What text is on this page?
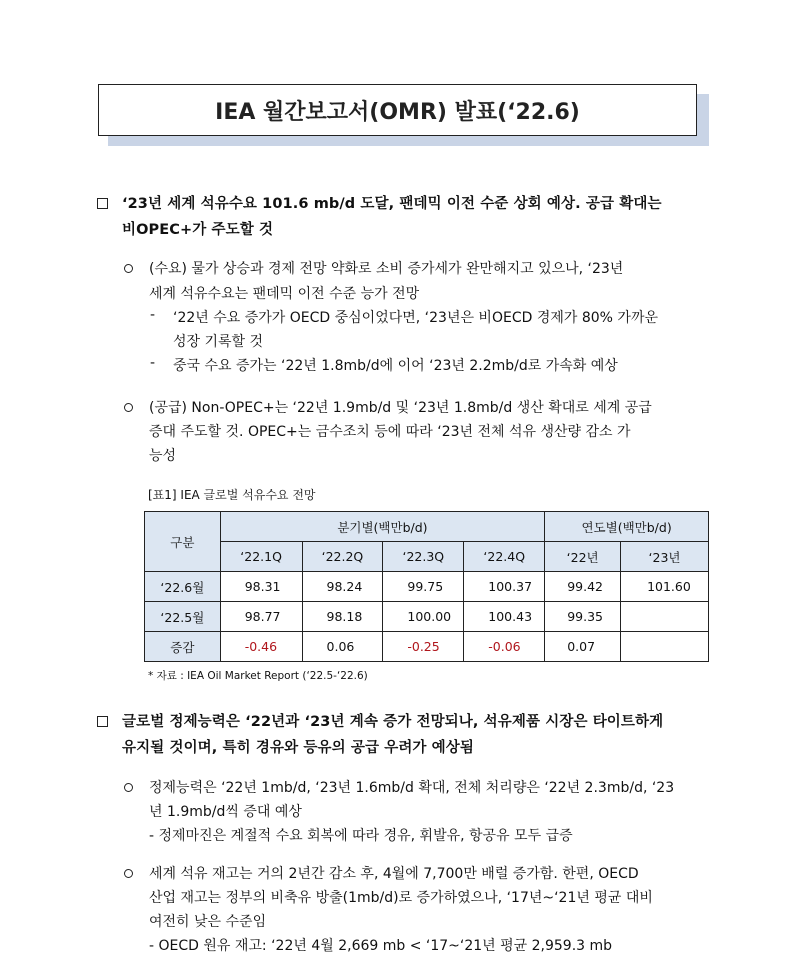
IEA 월간보고서(OMR) 발표(‘22.6)
‘23년 세계 석유수요 101.6 mb/d 도달, 팬데믹 이전 수준 상회 예상. 공급 확대는
비OPEC+가 주도할 것
(수요) 물가 상승과 경제 전망 약화로 소비 증가세가 완만해지고 있으나, ‘23년
세계 석유수요는 팬데믹 이전 수준 능가 전망
- ‘22년 수요 증가가 OECD 중심이었다면, ‘23년은 비OECD 경제가 80% 가까운
성장 기록할 것
- 중국 수요 증가는 ‘22년 1.8mb/d에 이어 ‘23년 2.2mb/d로 가속화 예상
(공급) Non-OPEC+는 ‘22년 1.9mb/d 및 ‘23년 1.8mb/d 생산 확대로 세계 공급
증대 주도할 것. OPEC+는 금수조치 등에 따라 ‘23년 전체 석유 생산량 감소 가
능성
[표1] IEA 글로벌 석유수요 전망
구분	분기별(백만b/d)				연도별(백만b/d)	
	‘22.1Q	‘22.2Q	‘22.3Q	‘22.4Q	‘22년	‘23년
‘22.6월	98.31	98.24	99.75	100.37	99.42	101.60
‘22.5월	98.77	98.18	100.00	100.43	99.35	
증감	-0.46	0.06	-0.25	-0.06	0.07	
* 자료 : IEA Oil Market Report (‘22.5-‘22.6)
글로벌 정제능력은 ‘22년과 ‘23년 계속 증가 전망되나, 석유제품 시장은 타이트하게
유지될 것이며, 특히 경유와 등유의 공급 우려가 예상됨
정제능력은 ‘22년 1mb/d, ‘23년 1.6mb/d 확대, 전체 처리량은 ‘22년 2.3mb/d, ‘23
년 1.9mb/d씩 증대 예상
- 정제마진은 계절적 수요 회복에 따라 경유, 휘발유, 항공유 모두 급증
세계 석유 재고는 거의 2년간 감소 후, 4월에 7,700만 배럴 증가함. 한편, OECD
산업 재고는 정부의 비축유 방출(1mb/d)로 증가하였으나, ‘17년~‘21년 평균 대비
여전히 낮은 수준임
- OECD 원유 재고: ‘22년 4월 2,669 mb < ‘17~‘21년 평균 2,959.3 mb
